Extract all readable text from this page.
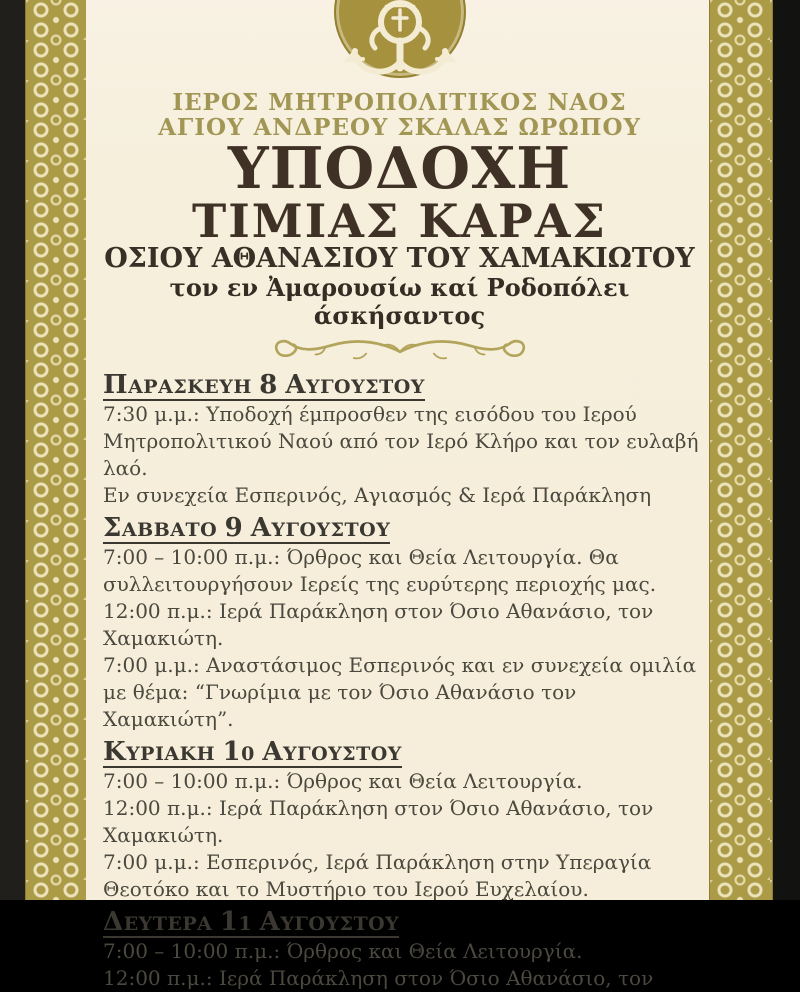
ΙΕΡΟΣ ΜΗΤΡΟΠΟΛΙΤΙΚΟΣ ΝΑΟΣ
ΑΓΙΟΥ ΑΝΔΡΕΟΥ ΣΚΑΛΑΣ ΩΡΩΠΟΥ
ΥΠΟΔΟΧΗ
ΤΙΜΙΑΣ ΚΑΡΑΣ
ΟΣΙΟΥ ΑΘΑΝΑΣΙΟΥ ΤΟΥ ΧΑΜΑΚΙΩΤΟΥ
τον εν Ἀμαρουσίω καί Ροδοπόλει άσκήσαντος
ΠΑΡΑΣΚΕΥΗ 8 ΑΥΓΟΥΣΤΟΥ

7:30 μ.μ.: Υποδοχή έμπροσθεν της εισόδου του Ιερού Μητροπολιτικού Ναού από τον Ιερό Κλήρο και τον ευλαβή λαό.

Εν συνεχεία Εσπερινός, Αγιασμός & Ιερά Παράκληση

ΣΑΒΒΑΤΟ 9 ΑΥΓΟΥΣΤΟΥ

7:00 – 10:00 π.μ.: Όρθρος και Θεία Λειτουργία. Θα συλλειτουργήσουν Ιερείς της ευρύτερης περιοχής μας.

12:00 π.μ.: Ιερά Παράκληση στον Όσιο Αθανάσιο, τον Χαμακιώτη.

7:00 μ.μ.: Αναστάσιμος Εσπερινός και εν συνεχεία ομιλία με θέμα: “Γνωρίμια με τον Όσιο Αθανάσιο τον Χαμακιώτη”.

ΚΥΡΙΑΚΗ 10 ΑΥΓΟΥΣΤΟΥ

7:00 – 10:00 π.μ.: Όρθρος και Θεία Λειτουργία.

12:00 π.μ.: Ιερά Παράκληση στον Όσιο Αθανάσιο, τον Χαμακιώτη.

7:00 μ.μ.: Εσπερινός, Ιερά Παράκληση στην Υπεραγία Θεοτόκο και το Μυστήριο του Ιερού Ευχελαίου.

ΔΕΥΤΕΡΑ 11 ΑΥΓΟΥΣΤΟΥ

7:00 – 10:00 π.μ.: Όρθρος και Θεία Λειτουργία.

12:00 π.μ.: Ιερά Παράκληση στον Όσιο Αθανάσιο, τον
